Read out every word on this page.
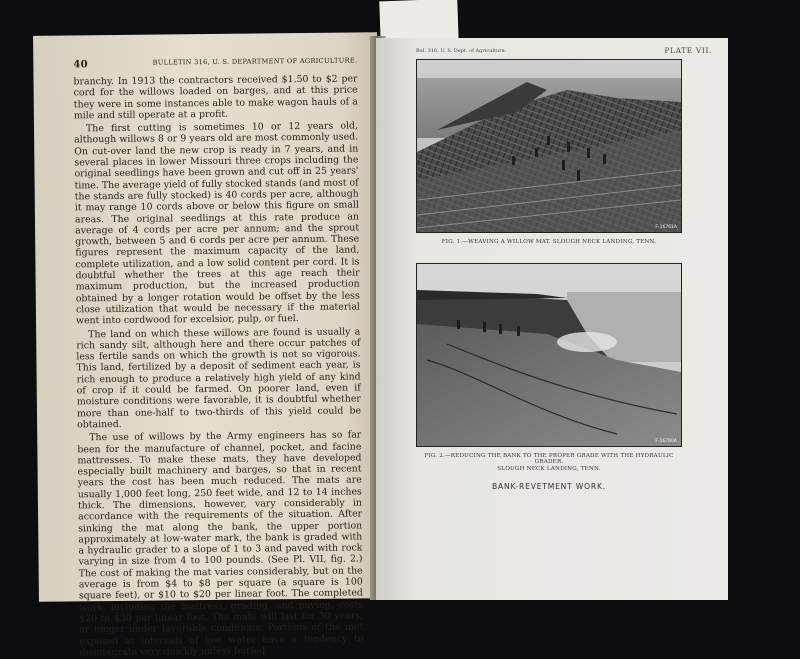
40	BULLETIN 316, U. S. DEPARTMENT OF AGRICULTURE.

branchy. In 1913 the contractors received $1.50 to $2 per cord for the willows loaded on barges, and at this price they were in some instances able to make wagon hauls of a mile and still operate at a profit.

The first cutting is sometimes 10 or 12 years old, although willows 8 or 9 years old are most commonly used. On cut-over land the new crop is ready in 7 years, and in several places in lower Missouri three crops including the original seedlings have been grown and cut off in 25 years' time. The average yield of fully stocked stands (and most of the stands are fully stocked) is 40 cords per acre, although it may range 10 cords above or below this figure on small areas. The original seedlings at this rate produce an average of 4 cords per acre per annum; and the sprout growth, between 5 and 6 cords per acre per annum. These figures represent the maximum capacity of the land, complete utilization, and a low solid content per cord. It is doubtful whether the trees at this age reach their maximum production, but the increased production obtained by a longer rotation would be offset by the less close utilization that would be necessary if the material went into cordwood for excelsior, pulp, or fuel.

The land on which these willows are found is usually a rich sandy silt, although here and there occur patches of less fertile sands on which the growth is not so vigorous. This land, fertilized by a deposit of sediment each year, is rich enough to produce a relatively high yield of any kind of crop if it could be farmed. On poorer land, even if moisture conditions were favorable, it is doubtful whether more than one-half to two-thirds of this yield could be obtained.

The use of willows by the Army engineers has so far been for the manufacture of channel, pocket, and facine mattresses. To make these mats, they have developed especially built machinery and barges, so that in recent years the cost has been much reduced. The mats are usually 1,000 feet long, 250 feet wide, and 12 to 14 inches thick. The dimensions, however, vary considerably in accordance with the requirements of the situation. After sinking the mat along the bank, the upper portion approximately at low-water mark, the bank is graded with a hydraulic grader to a slope of 1 to 3 and paved with rock varying in size from 4 to 100 pounds. (See Pl. VII, fig. 2.) The cost of making the mat varies considerably, but on the average is from $4 to $8 per square (a square is 100 square feet), or $10 to $20 per linear foot. The completed work, including the mattress, grading, and paving, costs $20 to $30 per linear foot. The mats will last for 30 years, or longer under favorable conditions. Portions of the mat exposed at intervals of low water have a tendency to disintegrate very quickly unless buried

Bul. 316, U. S. Dept. of Agriculture.	PLATE VII.
F-16761A
FIG. 1.—WEAVING A WILLOW MAT. SLOUGH NECK LANDING, TENN.
F-16760A
FIG. 2.—REDUCING THE BANK TO THE PROPER GRADE WITH THE HYDRAULIC GRADER.
SLOUGH NECK LANDING, TENN.
BANK-REVETMENT WORK.
